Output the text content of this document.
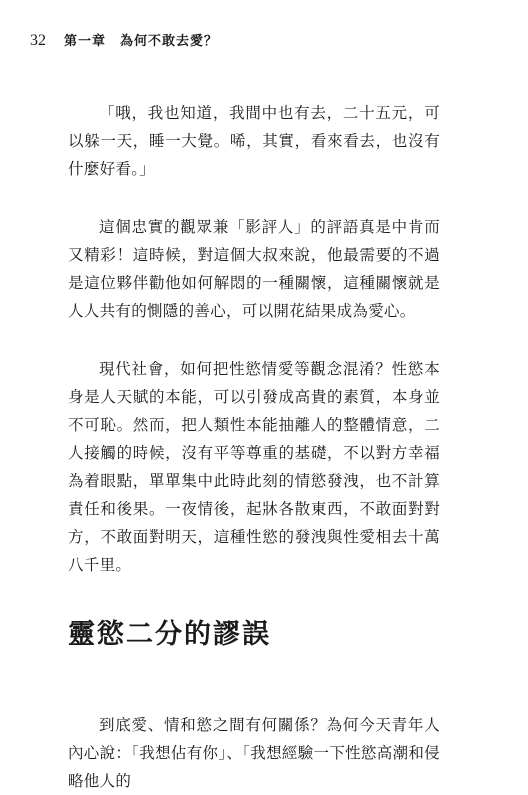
32 第一章　為何不敢去愛？

「哦，我也知道，我間中也有去，二十五元，可以躲一天，睡一大覺。唏，其實，看來看去，也沒有什麼好看。」

這個忠實的觀眾兼「影評人」的評語真是中肯而又精彩！這時候，對這個大叔來說，他最需要的不過是這位夥伴勸他如何解悶的一種關懷，這種關懷就是人人共有的惻隱的善心，可以開花結果成為愛心。

現代社會，如何把性慾情愛等觀念混淆？性慾本身是人天賦的本能，可以引發成高貴的素質，本身並不可恥。然而，把人類性本能抽離人的整體情意，二人接觸的時候，沒有平等尊重的基礎，不以對方幸福為着眼點，單單集中此時此刻的情慾發洩，也不計算責任和後果。一夜情後，起牀各散東西，不敢面對對方，不敢面對明天，這種性慾的發洩與性愛相去十萬八千里。

靈慾二分的謬誤

到底愛、情和慾之間有何關係？為何今天青年人內心說：「我想佔有你」、「我想經驗一下性慾高潮和侵略他人的
